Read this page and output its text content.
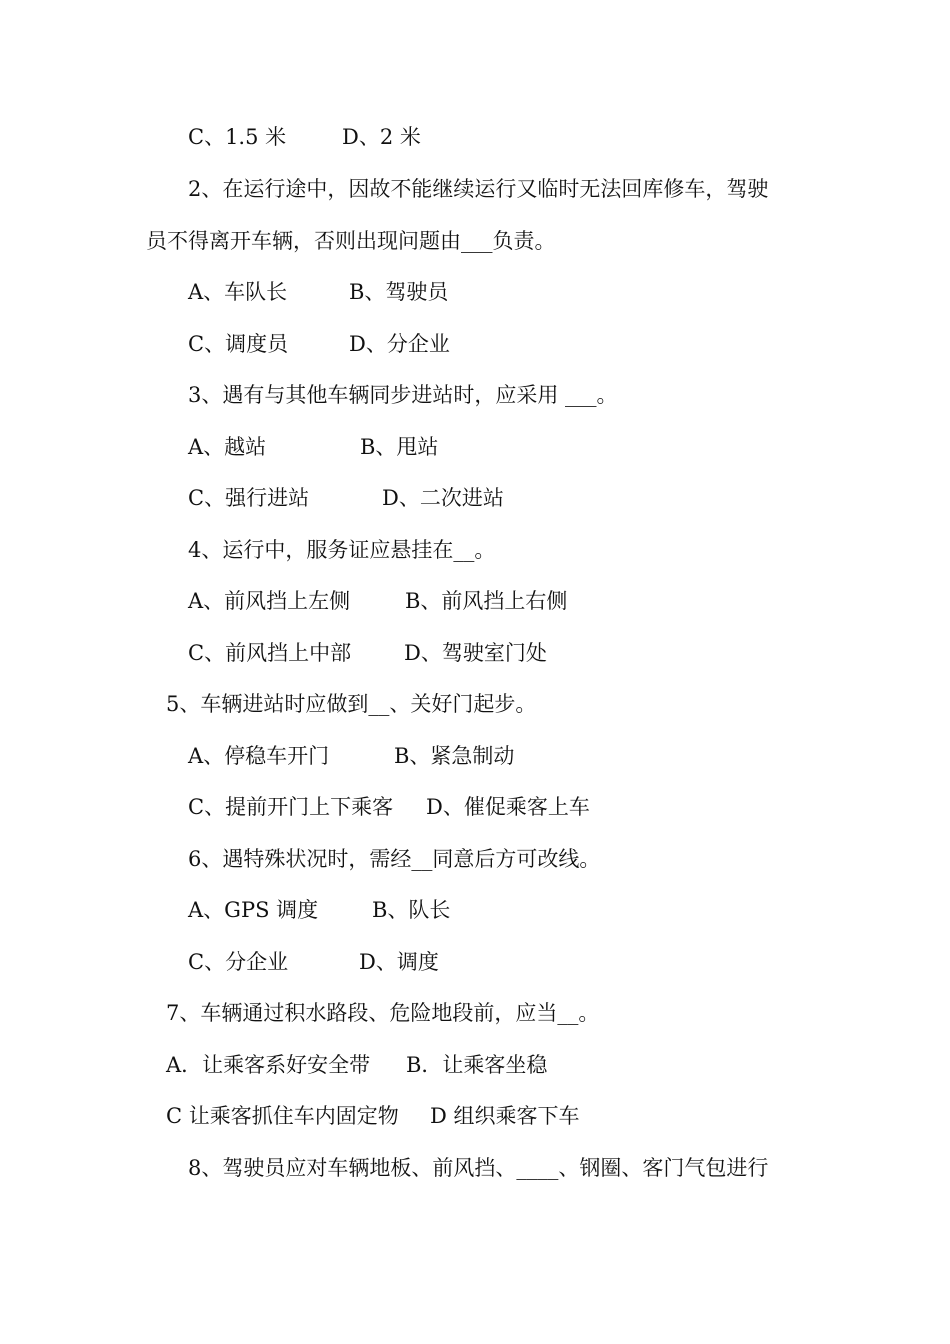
C、1.5 米	D、2 米
2、在运行途中，因故不能继续运行又临时无法回库修车，驾驶
员不得离开车辆，否则出现问题由___负责。
A、车队长	B、驾驶员
C、调度员	D、分企业
3、遇有与其他车辆同步进站时，应采用 ___。
A、越站	B、甩站
C、强行进站	D、二次进站
4、运行中，服务证应悬挂在__。
A、前风挡上左侧	B、前风挡上右侧
C、前风挡上中部	D、驾驶室门处
5、车辆进站时应做到__、关好门起步。
A、停稳车开门	B、紧急制动
C、提前开门上下乘客 D、催促乘客上车
6、遇特殊状况时，需经__同意后方可改线。
A、GPS 调度	B、队长
C、分企业	D、调度
7、车辆通过积水路段、危险地段前，应当__。
A．让乘客系好安全带 B．让乘客坐稳
C 让乘客抓住车内固定物 D 组织乘客下车
8、驾驶员应对车辆地板、前风挡、____、钢圈、客门气包进行
